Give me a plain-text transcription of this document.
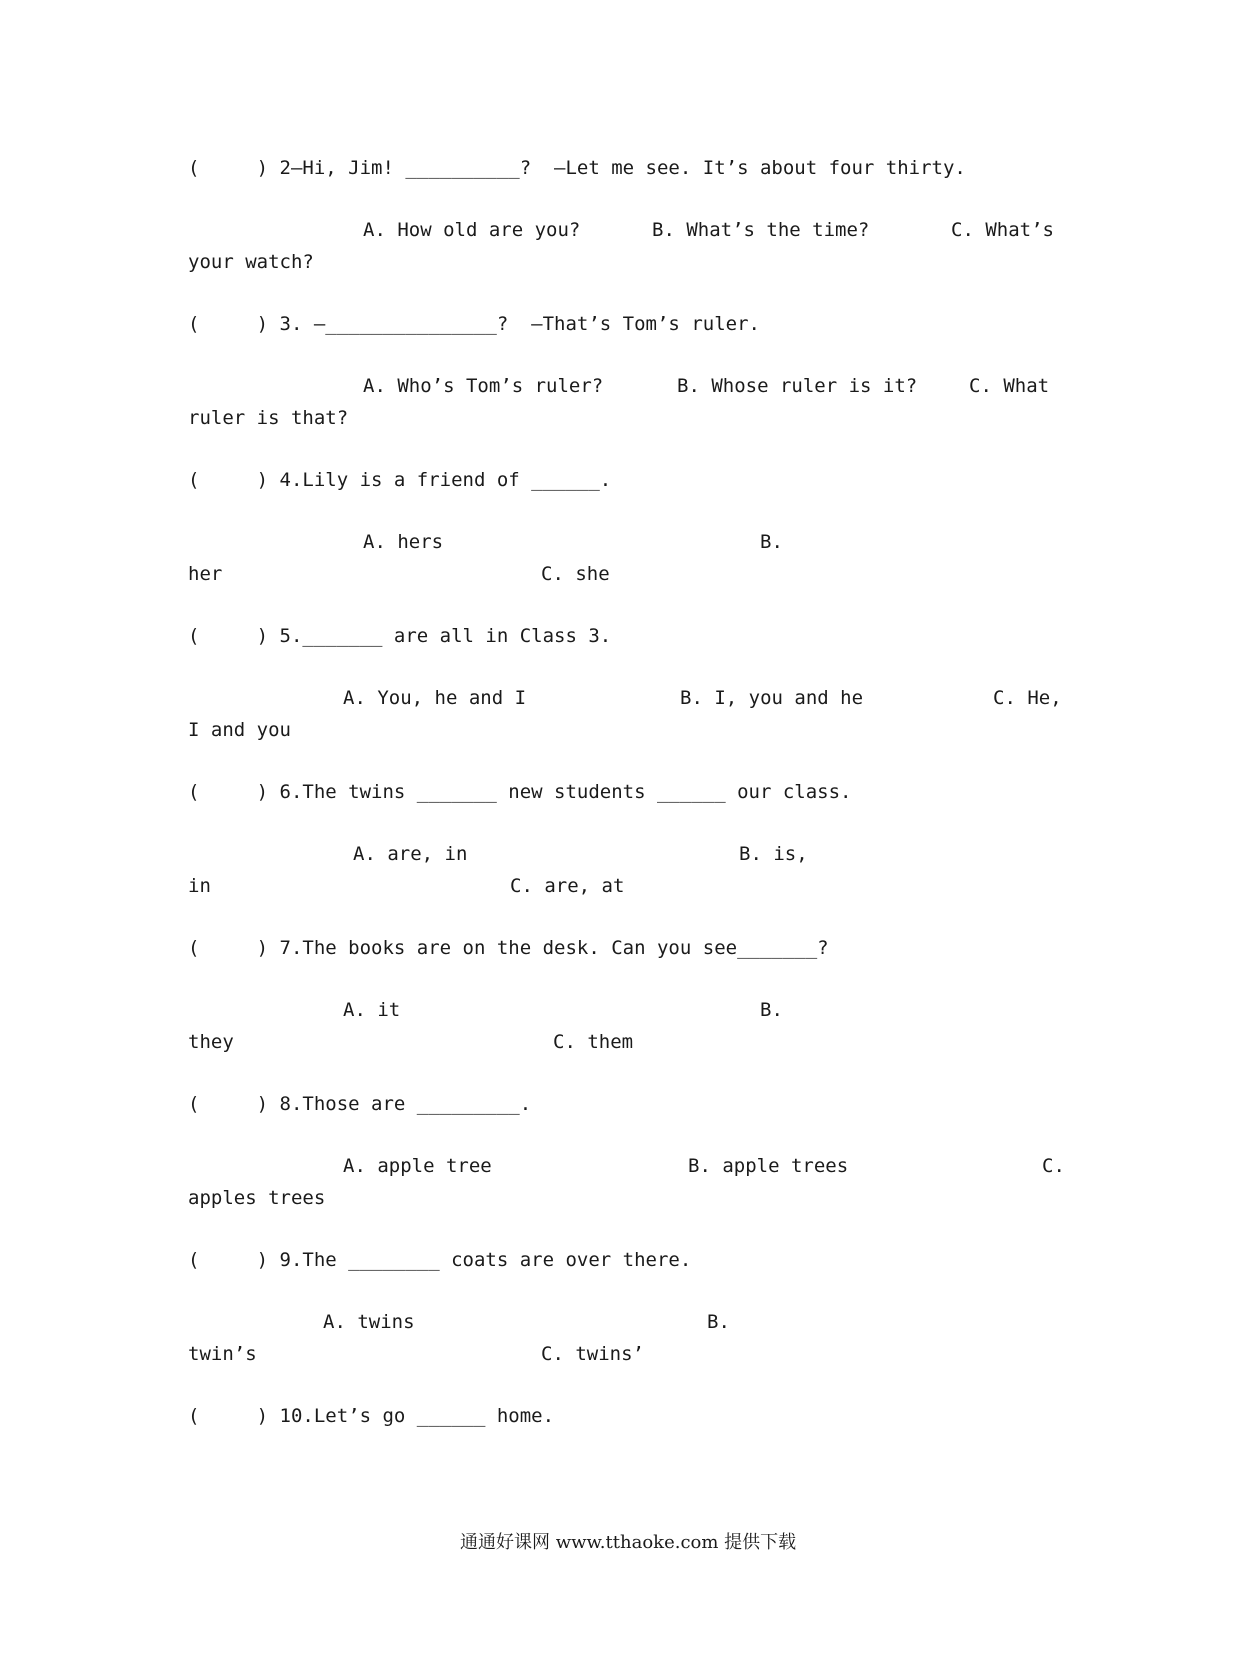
(     ) 2–Hi, Jim! __________?  –Let me see. It’s about four thirty.
A. How old are you?	B. What’s the time?	C. What’s
your watch?
(     ) 3. –_______________?  –That’s Tom’s ruler.
A. Who’s Tom’s ruler?	B. Whose ruler is it?	C. What
ruler is that?
(     ) 4.Lily is a friend of ______.
A. hers	B.
her	C. she
(     ) 5._______ are all in Class 3.
A. You, he and I	B. I, you and he	C. He,
I and you
(     ) 6.The twins _______ new students ______ our class.
A. are, in	B. is,
in	C. are, at
(     ) 7.The books are on the desk. Can you see_______?
A. it	B.
they	C. them
(     ) 8.Those are _________.
A. apple tree	B. apple trees	C.
apples trees
(     ) 9.The ________ coats are over there.
A. twins	B.
twin’s	C. twins’
(     ) 10.Let’s go ______ home.
通通好课网 www.tthaoke.com 提供下载
